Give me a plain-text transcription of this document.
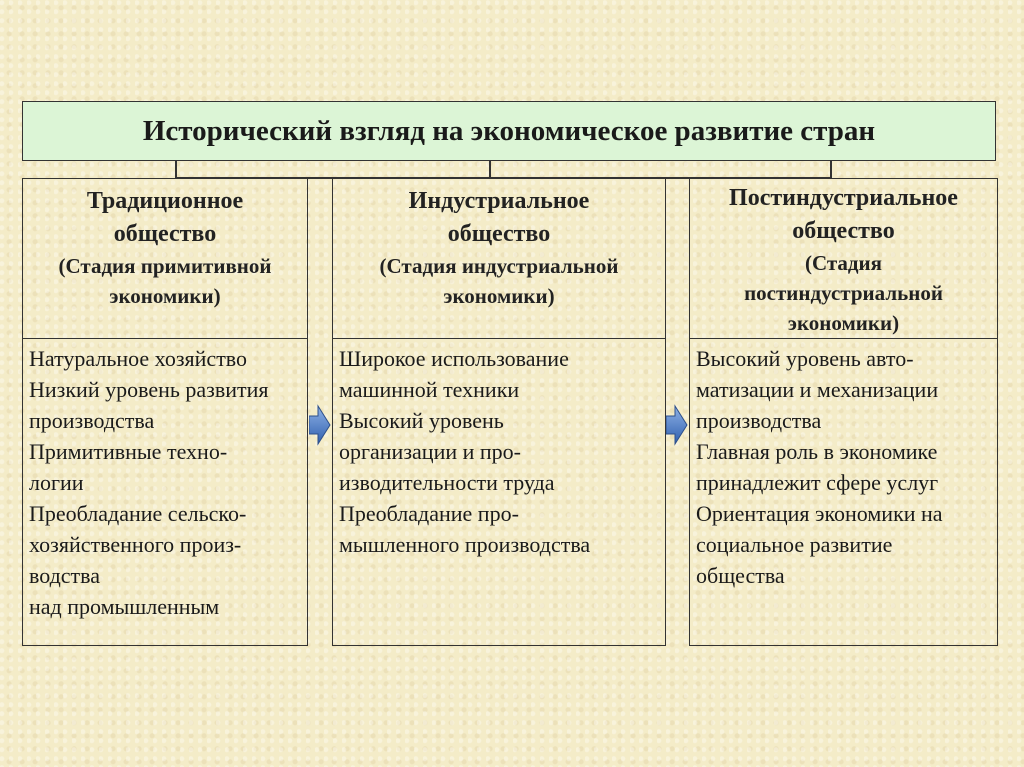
Исторический взгляд на экономическое развитие стран
Традиционное
общество
(Стадия примитивной
экономики)
Натуральное хозяйство
Низкий уровень развития
производства
Примитивные техно-
логии
Преобладание сельско-
хозяйственного произ-
водства
над промышленным
Индустриальное
общество
(Стадия индустриальной
экономики)
Широкое использование
машинной техники
Высокий уровень
организации и про-
изводительности труда
Преобладание про-
мышленного производства
Постиндустриальное
общество
(Стадия
постиндустриальной
экономики)
Высокий уровень авто-
матизации и механизации
производства
Главная роль в экономике
принадлежит сфере услуг
Ориентация экономики на
социальное развитие
общества
